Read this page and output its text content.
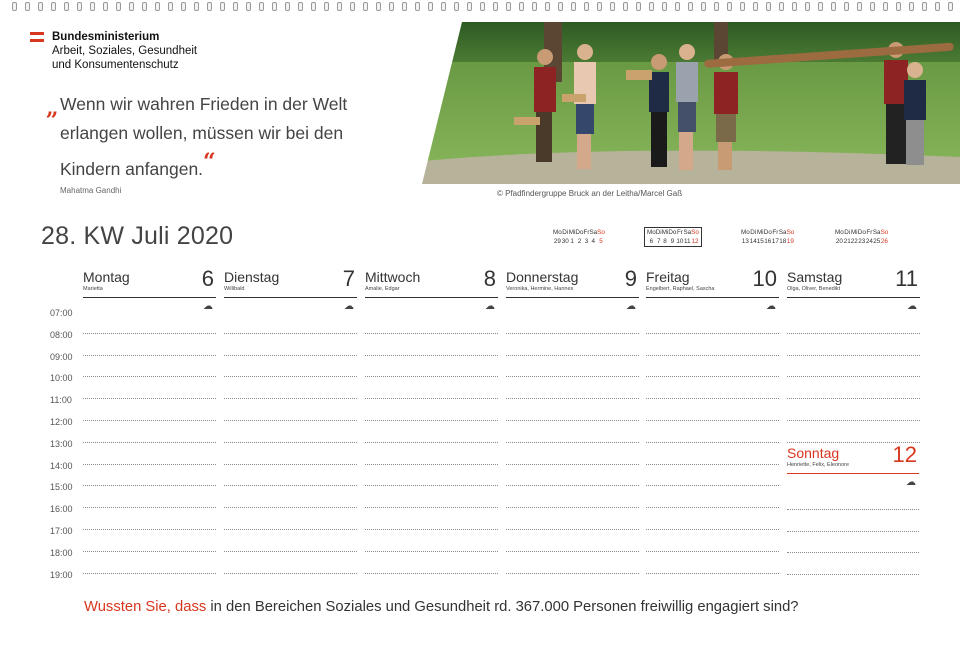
Bundesministerium
Arbeit, Soziales, Gesundheit
und Konsumentenschutz
„ Wenn wir wahren Frieden in der Welt
erlangen wollen, müssen wir bei den
Kindern anfangen.“
Mahatma Gandhi	© Pfadfindergruppe Bruck an der Leitha/Marcel Gaß
28. KW Juli 2020	Mo	Di	Mi	Do	Fr	Sa	So
29	30	1	2	3	4	5
Mo	Di	Mi	Do	Fr	Sa	So
6	7	8	9	10	11	12
Mo	Di	Mi	Do	Fr	Sa	So
13	14	15	16	17	18	19
Mo	Di	Mi	Do	Fr	Sa	So
20	21	22	23	24	25	26
07:00
08:00
09:00
10:00
11:00
12:00
13:00
14:00
15:00
16:00
17:00
18:00
19:00
Montag	6
Marietta
☁
Dienstag	7
Willibald
☁
Mittwoch	8
Amalie, Edgar
☁
Donnerstag 9
Veronika, Hermine, Hannes
☁
Freitag	10
Engelbert, Raphael, Sascha
☁
Samstag 11
Olga, Oliver, Benedikt
☁
Sonntag 12
Henriette, Felix, Eleonore
☁
Wussten Sie, dass in den Bereichen Soziales und Gesundheit rd. 367.000 Personen freiwillig engagiert sind?
